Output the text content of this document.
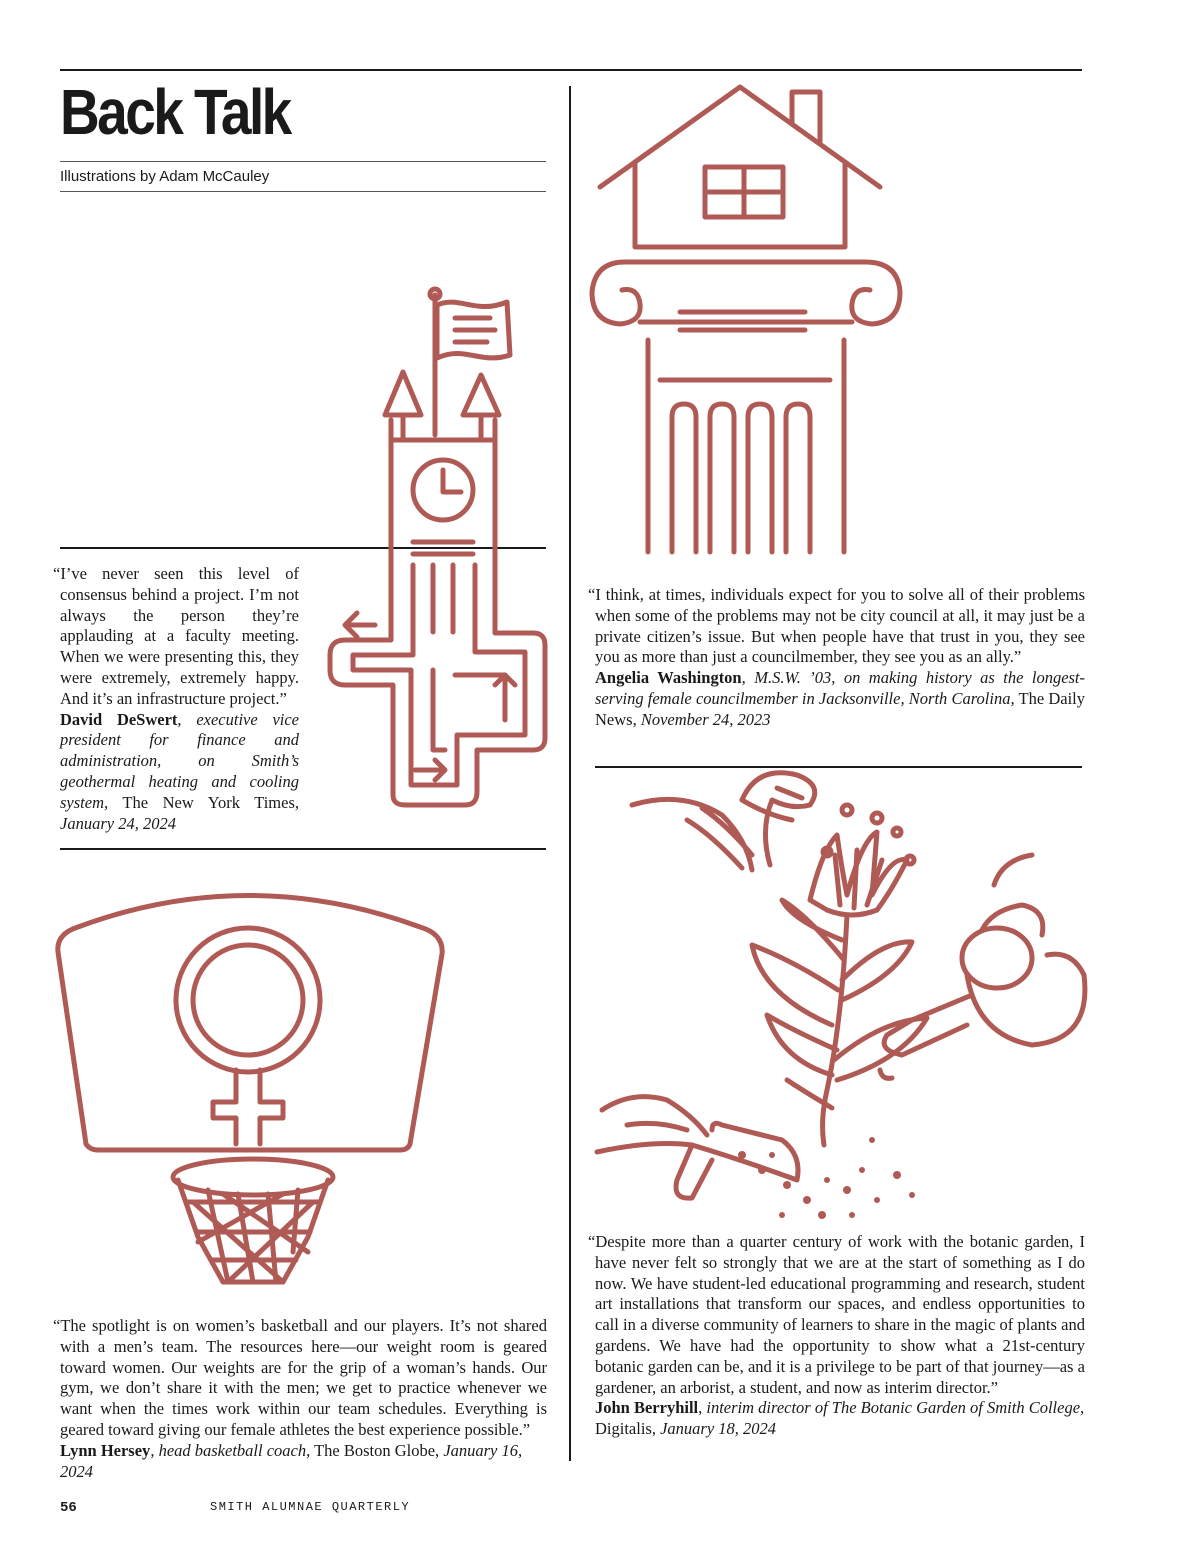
Back Talk
Illustrations by Adam McCauley

“I’ve never seen this level of consensus behind a project. I’m not always the person they’re applauding at a faculty meeting. When we were presenting this, they were extremely, extremely happy. And it’s an infrastructure project.”

David DeSwert, executive vice president for finance and administration, on Smith’s geothermal heating and cooling system, The New York Times, January 24, 2024

“I think, at times, individuals expect for you to solve all of their problems when some of the problems may not be city council at all, it may just be a private citizen’s issue. But when people have that trust in you, they see you as more than just a councilmember, they see you as an ally.”

Angelia Washington, M.S.W. ’03, on making history as the longest-serving female councilmember in Jacksonville, North Carolina, The Daily News, November 24, 2023

“The spotlight is on women’s basketball and our players. It’s not shared with a men’s team. The resources here—our weight room is geared toward women. Our weights are for the grip of a woman’s hands. Our gym, we don’t share it with the men; we get to practice whenever we want when the times work within our team schedules. Everything is geared toward giving our female athletes the best experience possible.”

Lynn Hersey, head basketball coach, The Boston Globe, January 16, 2024

“Despite more than a quarter century of work with the botanic garden, I have never felt so strongly that we are at the start of something as I do now. We have student-led educational programming and research, student art installations that transform our spaces, and endless opportunities to call in a diverse community of learners to share in the magic of plants and gardens. We have had the opportunity to show what a 21st-century botanic garden can be, and it is a privilege to be part of that journey—as a gardener, an arborist, a student, and now as interim director.”

John Berryhill, interim director of The Botanic Garden of Smith College, Digitalis, January 18, 2024
56	SMITH ALUMNAE QUARTERLY
